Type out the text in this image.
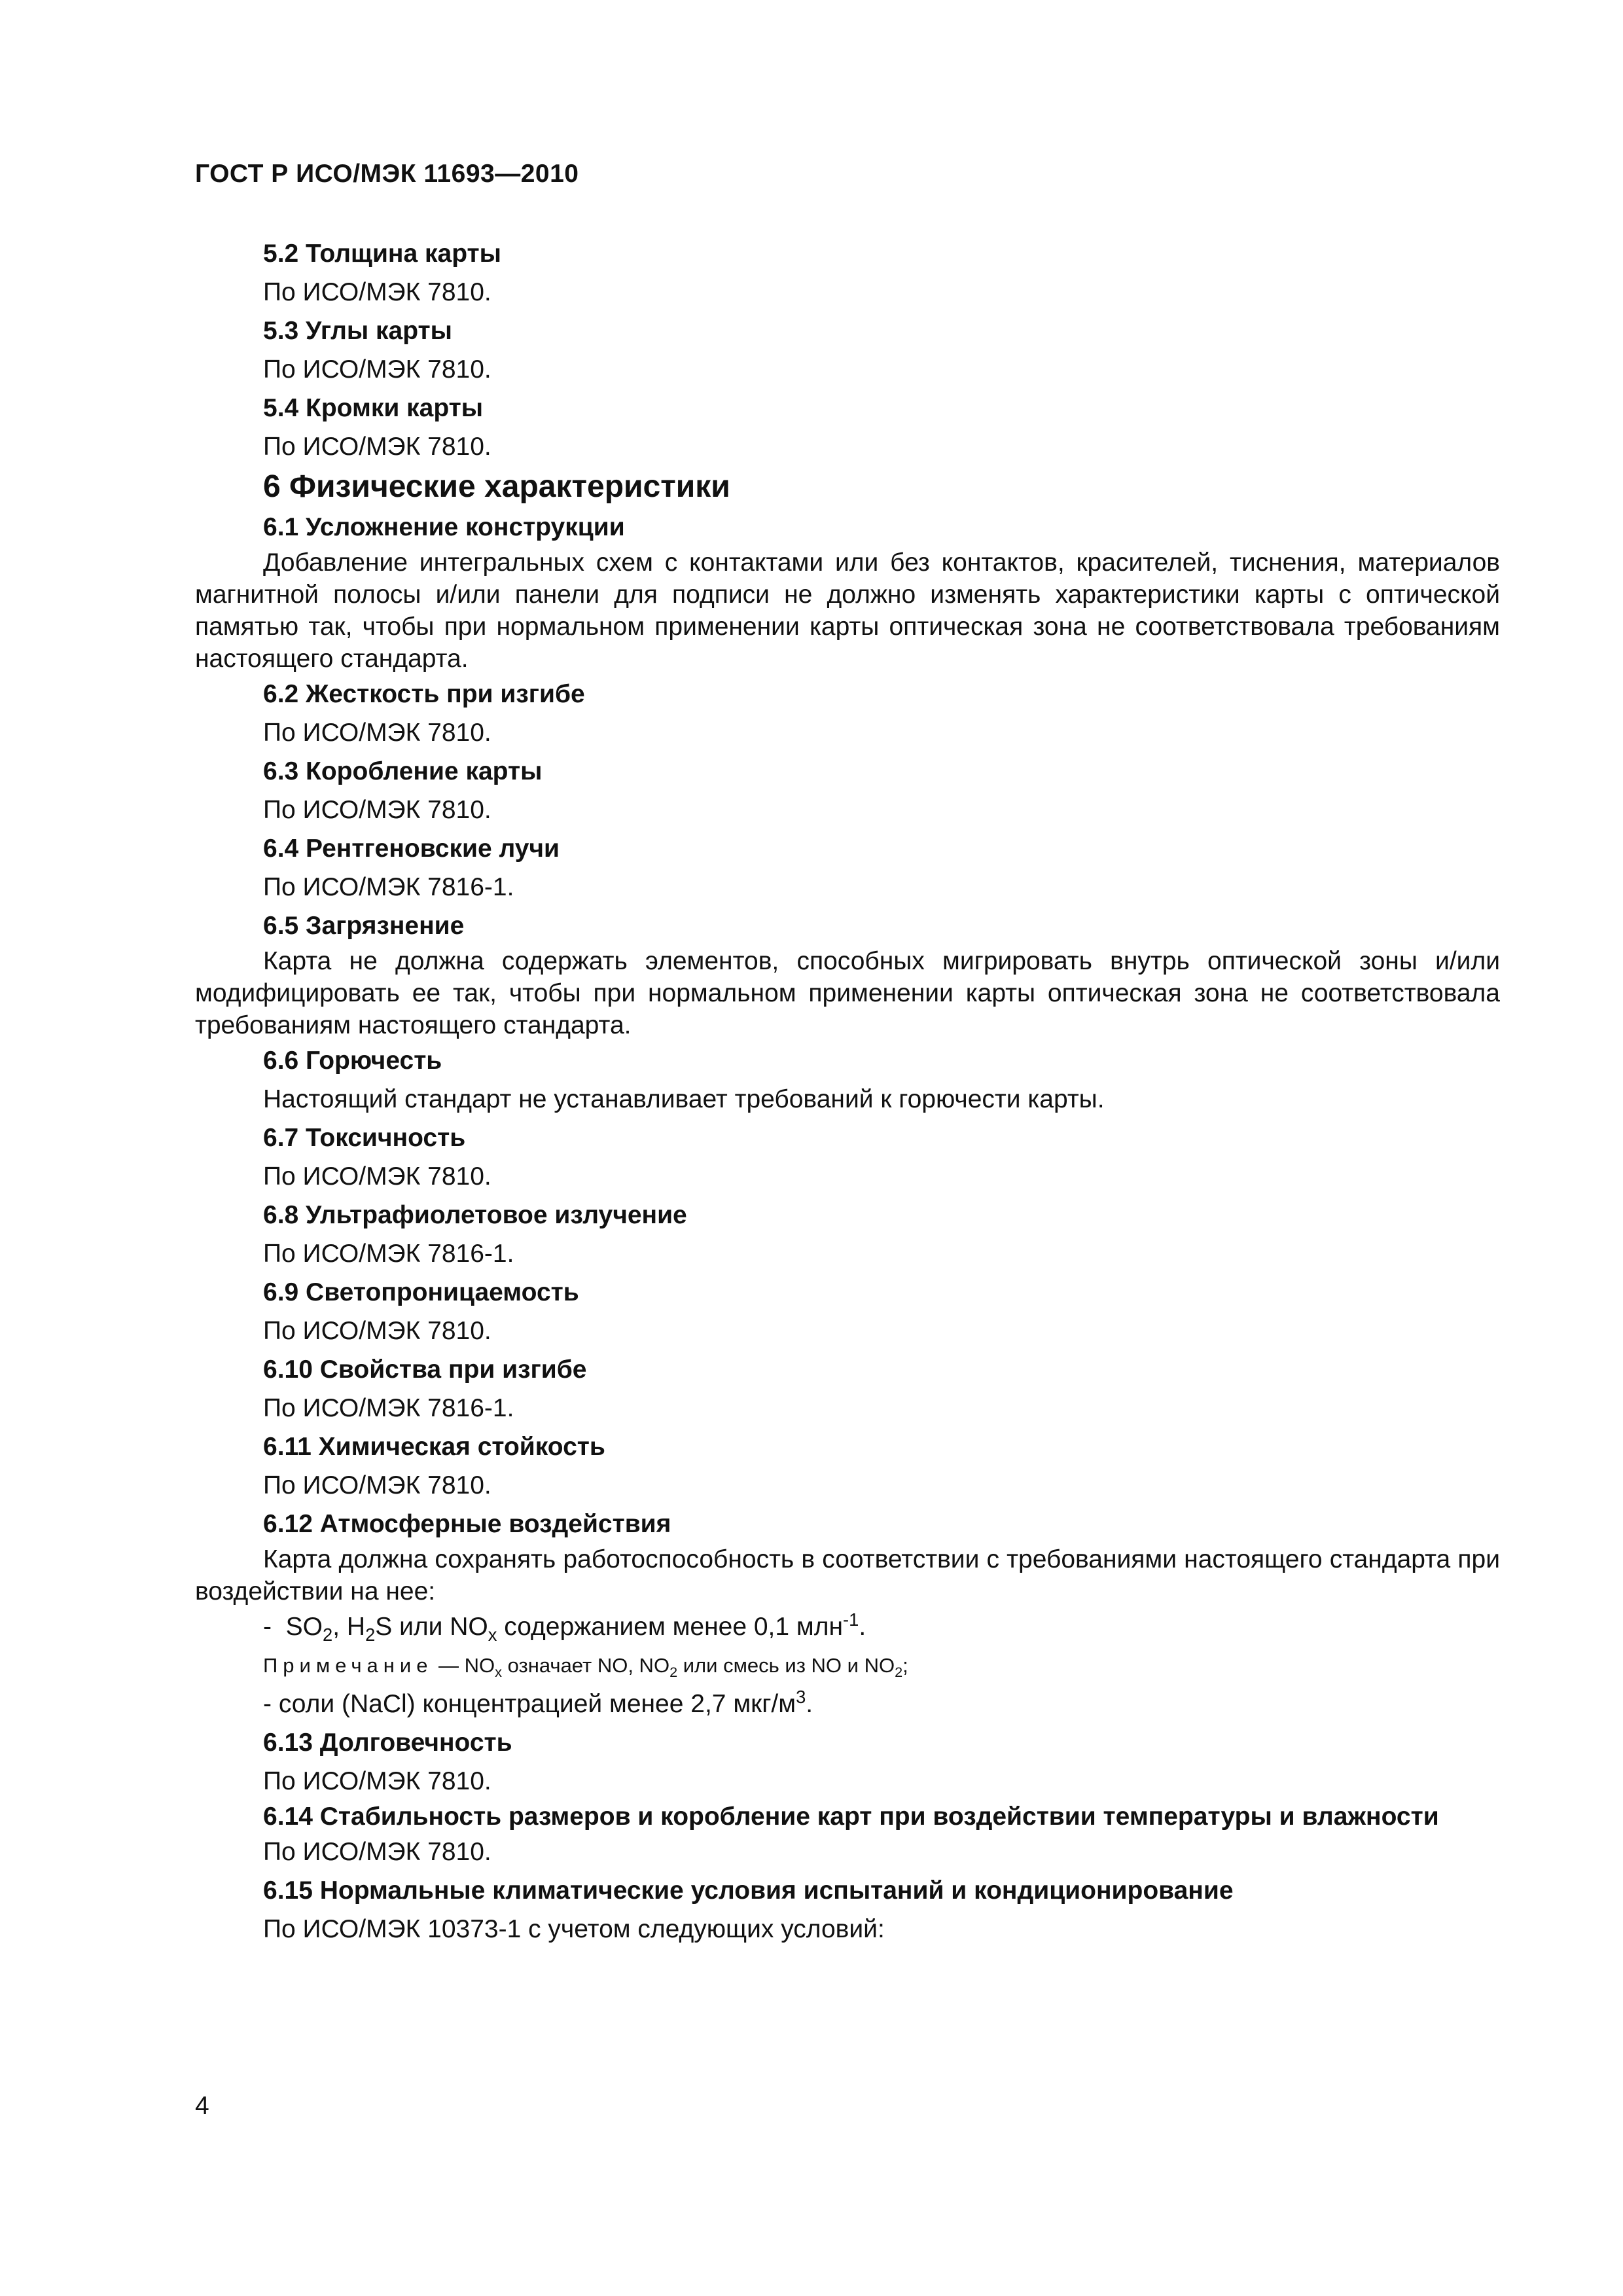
ГОСТ Р ИСО/МЭК 11693—2010

5.2 Толщина карты

По ИСО/МЭК 7810.

5.3 Углы карты

По ИСО/МЭК 7810.

5.4 Кромки карты

По ИСО/МЭК 7810.

6 Физические характеристики

6.1 Усложнение конструкции

Добавление интегральных схем с контактами или без контактов, красителей, тиснения, материалов магнитной полосы и/или панели для подписи не должно изменять характеристики карты с оптической памятью так, чтобы при нормальном применении карты оптическая зона не соответствовала требованиям настоящего стандарта.

6.2 Жесткость при изгибе

По ИСО/МЭК 7810.

6.3 Коробление карты

По ИСО/МЭК 7810.

6.4 Рентгеновские лучи

По ИСО/МЭК 7816-1.

6.5 Загрязнение

Карта не должна содержать элементов, способных мигрировать внутрь оптической зоны и/или модифицировать ее так, чтобы при нормальном применении карты оптическая зона не соответствовала требованиям настоящего стандарта.

6.6 Горючесть

Настоящий стандарт не устанавливает требований к горючести карты.

6.7 Токсичность

По ИСО/МЭК 7810.

6.8 Ультрафиолетовое излучение

По ИСО/МЭК 7816-1.

6.9 Светопроницаемость

По ИСО/МЭК 7810.

6.10 Свойства при изгибе

По ИСО/МЭК 7816-1.

6.11 Химическая стойкость

По ИСО/МЭК 7810.

6.12 Атмосферные воздействия

Карта должна сохранять работоспособность в соответствии с требованиями настоящего стандарта при воздействии на нее:

- $SO_2$, $H_2S$ или $NO_x$ содержанием менее 0,1 млн$^{-1}$.

Примечание — $NO_x$ означает NO, $NO_2$ или смесь из NO и $NO_2$;

- соли (NaCl) концентрацией менее 2,7 мкг/$м^3$.

6.13 Долговечность

По ИСО/МЭК 7810.

6.14 Стабильность размеров и коробление карт при воздействии температуры и влажности

По ИСО/МЭК 7810.

6.15 Нормальные климатические условия испытаний и кондиционирование

По ИСО/МЭК 10373-1 с учетом следующих условий:

4
